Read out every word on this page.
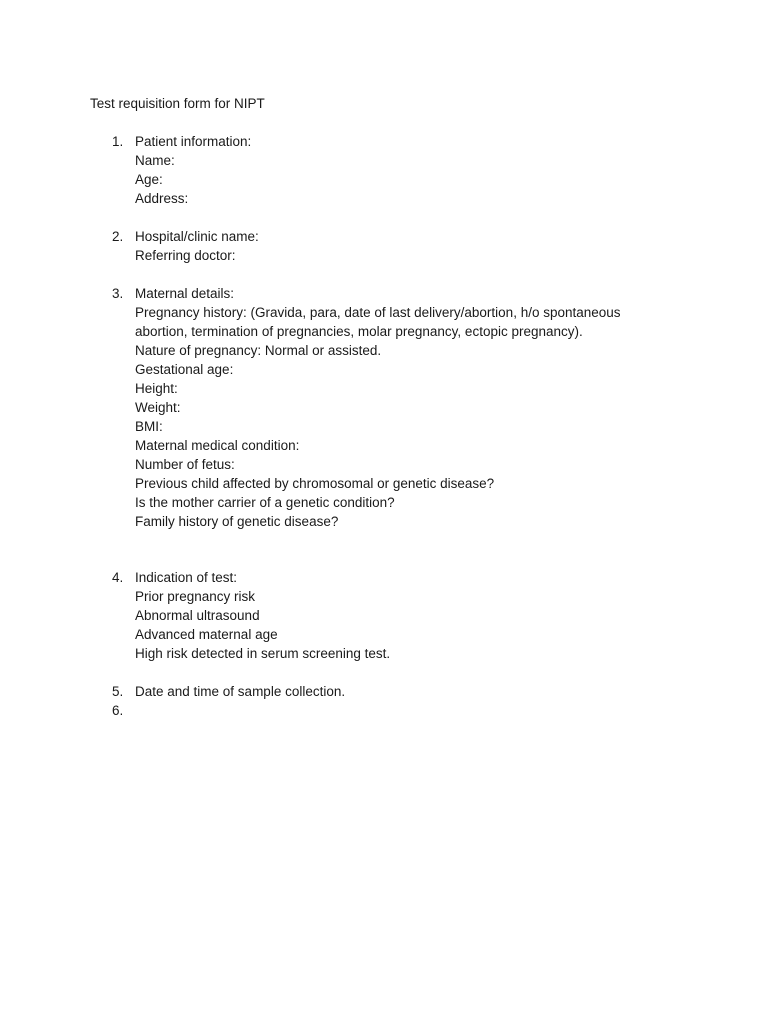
Test requisition form for NIPT
1. Patient information:
Name:
Age:
Address:
2. Hospital/clinic name:
Referring doctor:
3. Maternal details:
Pregnancy history: (Gravida, para, date of last delivery/abortion, h/o spontaneous abortion, termination of pregnancies, molar pregnancy, ectopic pregnancy).
Nature of pregnancy: Normal or assisted.
Gestational age:
Height:
Weight:
BMI:
Maternal medical condition:
Number of fetus:
Previous child affected by chromosomal or genetic disease?
Is the mother carrier of a genetic condition?
Family history of genetic disease?
4. Indication of test:
Prior pregnancy risk
Abnormal ultrasound
Advanced maternal age
High risk detected in serum screening test.
5. Date and time of sample collection.
6.
